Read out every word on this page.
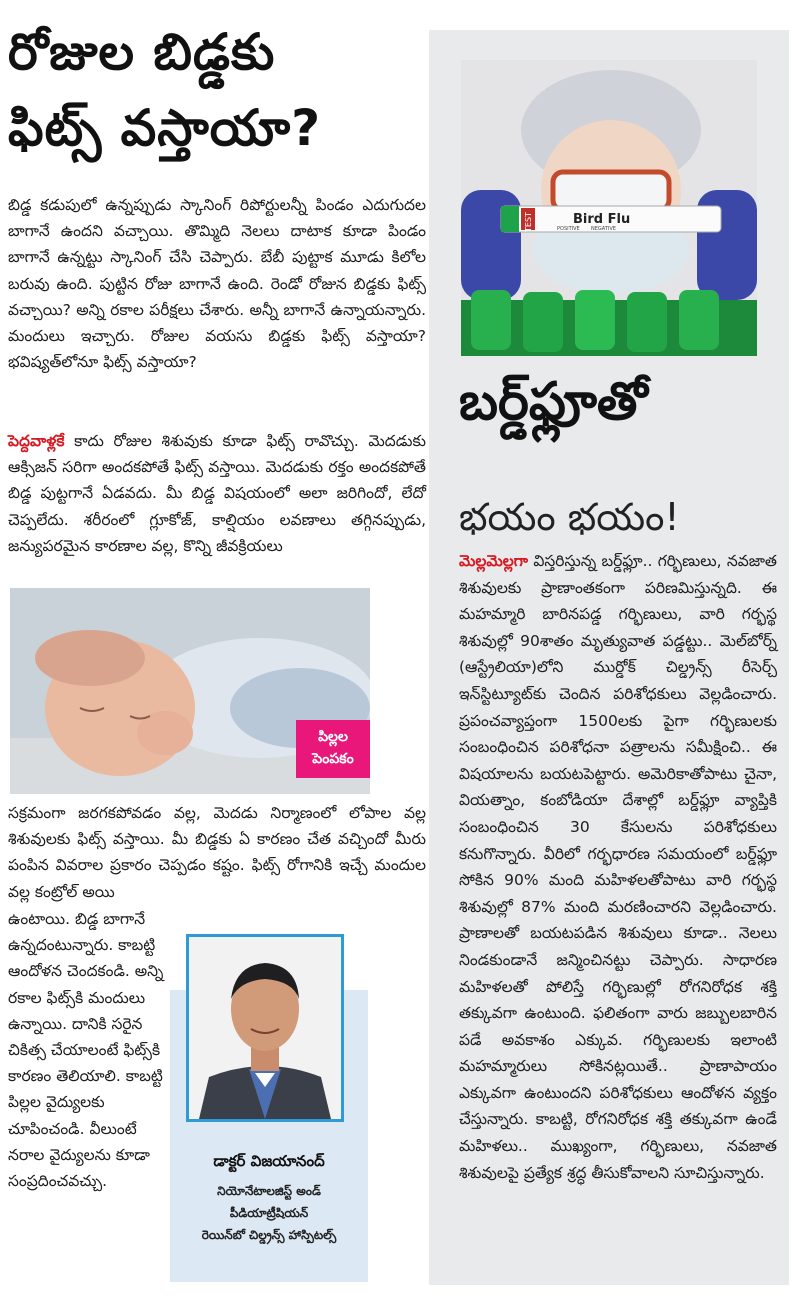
రోజుల బిడ్డకు
ఫిట్స్ వస్తాయా?

బిడ్డ కడుపులో ఉన్నప్పుడు స్కానింగ్ రిపోర్టులన్నీ పిండం ఎదుగుదల బాగానే ఉందని వచ్చాయి. తొమ్మిది నెలలు దాటాక కూడా పిండం బాగానే ఉన్నట్టు స్కానింగ్ చేసి చెప్పారు. బేబీ పుట్టాక మూడు కిలోల బరువు ఉంది. పుట్టిన రోజు బాగానే ఉంది. రెండో రోజున బిడ్డకు ఫిట్స్ వచ్చాయి? అన్ని రకాల పరీక్షలు చేశారు. అన్నీ బాగానే ఉన్నాయన్నారు. మందులు ఇచ్చారు. రోజుల వయసు బిడ్డకు ఫిట్స్ వస్తాయా? భవిష్యత్‌లోనూ ఫిట్స్ వస్తాయా?

పెద్దవాళ్లకే కాదు రోజుల శిశువుకు కూడా ఫిట్స్ రావొచ్చు. మెదడుకు ఆక్సిజన్ సరిగా అందకపోతే ఫిట్స్ వస్తాయి. మెదడుకు రక్తం అందకపోతే బిడ్డ పుట్టగానే ఏడవదు. మీ బిడ్డ విషయంలో అలా జరిగిందో, లేదో చెప్పలేదు. శరీరంలో గ్లూకోజ్, కాల్షియం లవణాలు తగ్గినప్పుడు, జన్యుపరమైన కారణాల వల్ల, కొన్ని జీవక్రియలు

పిల్లల
పెంపకం

సక్రమంగా జరగకపోవడం వల్ల, మెదడు నిర్మాణంలో లోపాల వల్ల శిశువులకు ఫిట్స్ వస్తాయి. మీ బిడ్డకు ఏ కారణం చేత వచ్చిందో మీరు పంపిన వివరాల ప్రకారం చెప్పడం కష్టం. ఫిట్స్ రోగానికి ఇచ్చే మందుల వల్ల కంట్రోల్ అయి

ఉంటాయి. బిడ్డ బాగానే ఉన్నదంటున్నారు. కాబట్టి ఆందోళన చెందకండి. అన్ని రకాల ఫిట్స్‌కి మందులు ఉన్నాయి. దానికి సరైన చికిత్స చేయాలంటే ఫిట్స్‌కి కారణం తెలియాలి. కాబట్టి పిల్లల వైద్యులకు చూపించండి. వీలుంటే నరాల వైద్యులను కూడా సంప్రదించవచ్చు.

డాక్టర్ విజయానంద్
నియోనేటాలజిస్ట్ అండ్
పీడియాట్రీషియన్
రెయిన్‌బో చిల్డ్రన్స్ హాస్పిటల్స్
TEST	Bird Flu
POSITIVE NEGATIVE
బర్డ్‌ఫ్లూతో
భయం భయం!

మెల్లమెల్లగా విస్తరిస్తున్న బర్డ్‌ఫ్లూ.. గర్భిణులు, నవజాత శిశువులకు ప్రాణాంతకంగా పరిణమిస్తున్నది. ఈ మహమ్మారి బారినపడ్డ గర్భిణులు, వారి గర్భస్థ శిశువుల్లో 90శాతం మృత్యువాత పడ్డట్టు.. మెల్‌బోర్న్ (ఆస్ట్రేలియా)లోని ముర్డోక్ చిల్డ్రన్స్ రీసెర్చ్ ఇన్‌స్టిట్యూట్‌కు చెందిన పరిశోధకులు వెల్లడించారు. ప్రపంచవ్యాప్తంగా 1500లకు పైగా గర్భిణులకు సంబంధించిన పరిశోధనా పత్రాలను సమీక్షించి.. ఈ విషయాలను బయటపెట్టారు. అమెరికాతోపాటు చైనా, వియత్నాం, కంబోడియా దేశాల్లో బర్డ్‌ఫ్లూ వ్యాప్తికి సంబంధించిన 30 కేసులను పరిశోధకులు కనుగొన్నారు. వీరిలో గర్భధారణ సమయంలో బర్డ్‌ఫ్లూ సోకిన 90% మంది మహిళలతోపాటు వారి గర్భస్థ శిశువుల్లో 87% మంది మరణించారని వెల్లడించారు. ప్రాణాలతో బయటపడిన శిశువులు కూడా.. నెలలు నిండకుండానే జన్మించినట్టు చెప్పారు. సాధారణ మహిళలతో పోలిస్తే గర్భిణుల్లో రోగనిరోధక శక్తి తక్కువగా ఉంటుంది. ఫలితంగా వారు జబ్బులబారిన పడే అవకాశం ఎక్కువ. గర్భిణులకు ఇలాంటి మహమ్మారులు సోకినట్లయితే.. ప్రాణాపాయం ఎక్కువగా ఉంటుందని పరిశోధకులు ఆందోళన వ్యక్తం చేస్తున్నారు. కాబట్టి, రోగనిరోధక శక్తి తక్కువగా ఉండే మహిళలు.. ముఖ్యంగా, గర్భిణులు, నవజాత శిశువులపై ప్రత్యేక శ్రద్ధ తీసుకోవాలని సూచిస్తున్నారు.
